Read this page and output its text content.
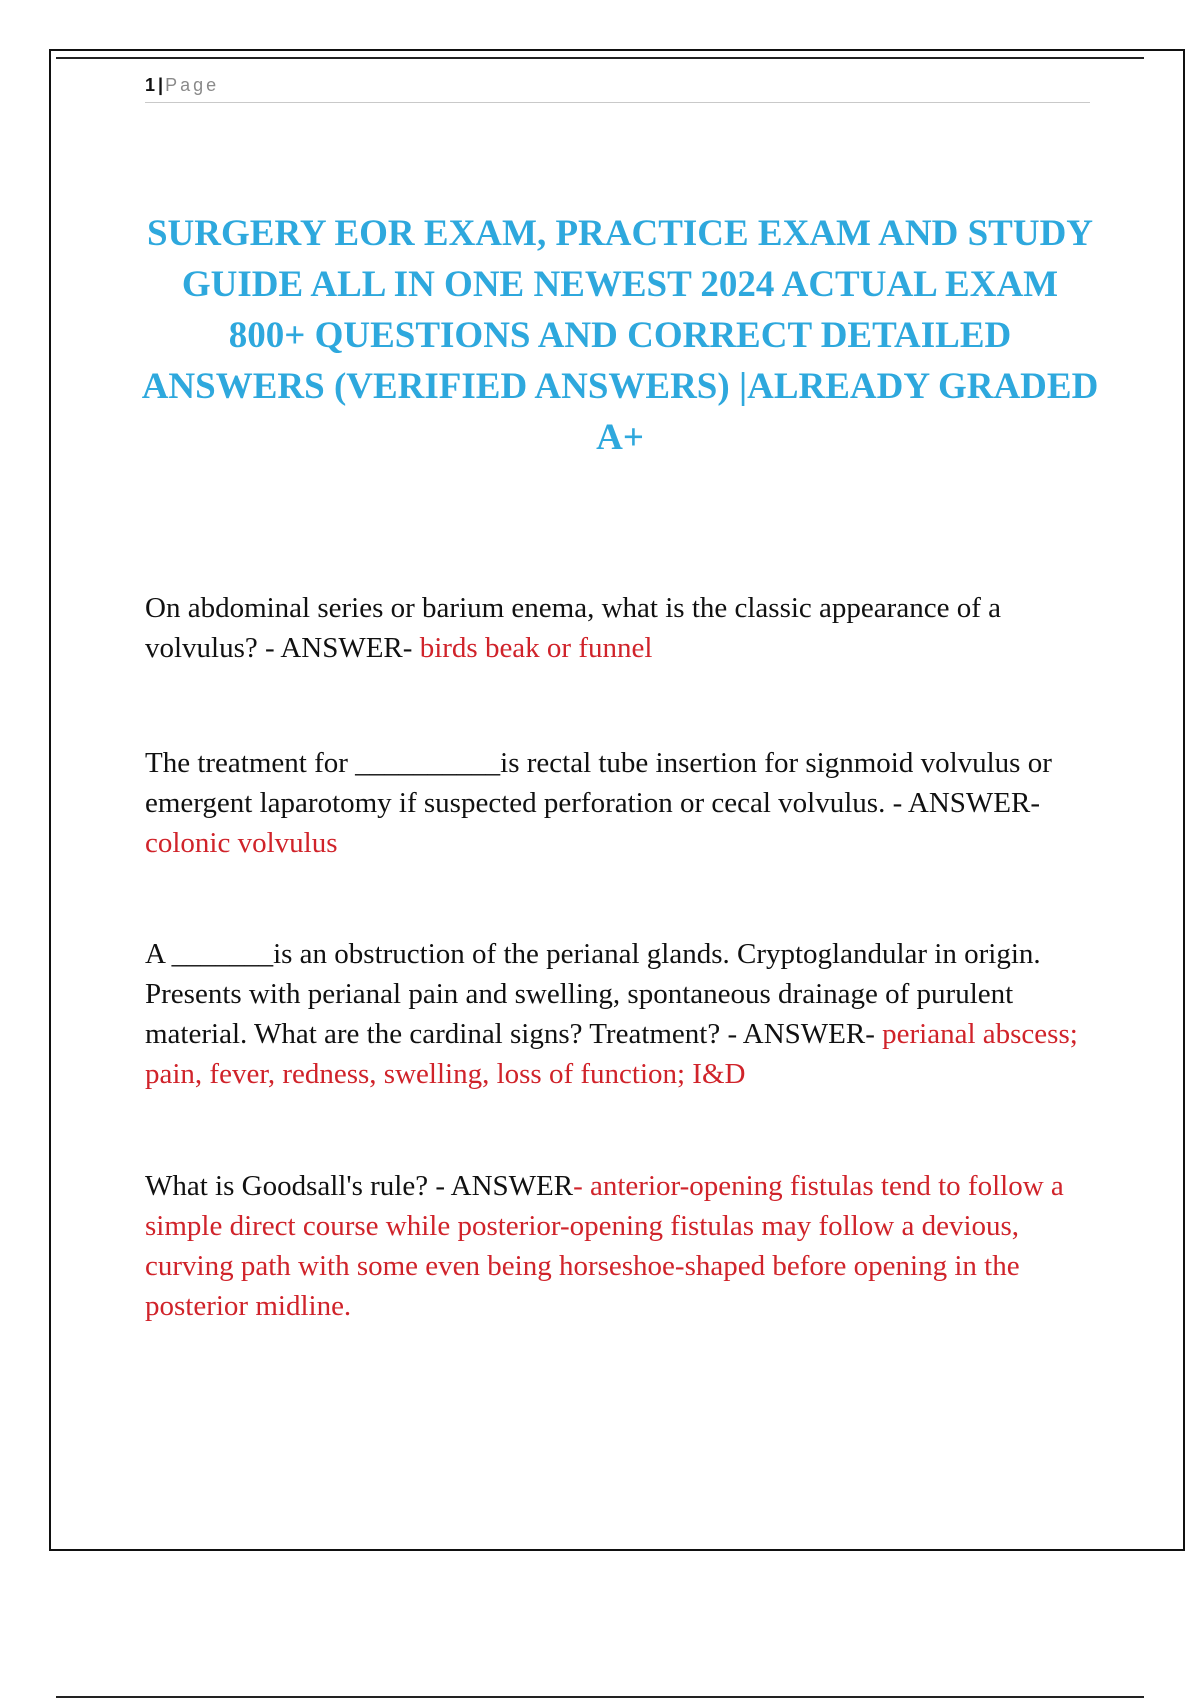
1 | Page
SURGERY EOR EXAM, PRACTICE EXAM AND STUDY GUIDE ALL IN ONE NEWEST 2024 ACTUAL EXAM 800+ QUESTIONS AND CORRECT DETAILED ANSWERS (VERIFIED ANSWERS) |ALREADY GRADED A+
On abdominal series or barium enema, what is the classic appearance of a volvulus? - ANSWER- birds beak or funnel
The treatment for __________is rectal tube insertion for signmoid volvulus or emergent laparotomy if suspected perforation or cecal volvulus. - ANSWER- colonic volvulus
A _______is an obstruction of the perianal glands. Cryptoglandular in origin. Presents with perianal pain and swelling, spontaneous drainage of purulent material. What are the cardinal signs? Treatment? - ANSWER- perianal abscess; pain, fever, redness, swelling, loss of function; I&D
What is Goodsall's rule? - ANSWER- anterior-opening fistulas tend to follow a simple direct course while posterior-opening fistulas may follow a devious, curving path with some even being horseshoe-shaped before opening in the posterior midline.
